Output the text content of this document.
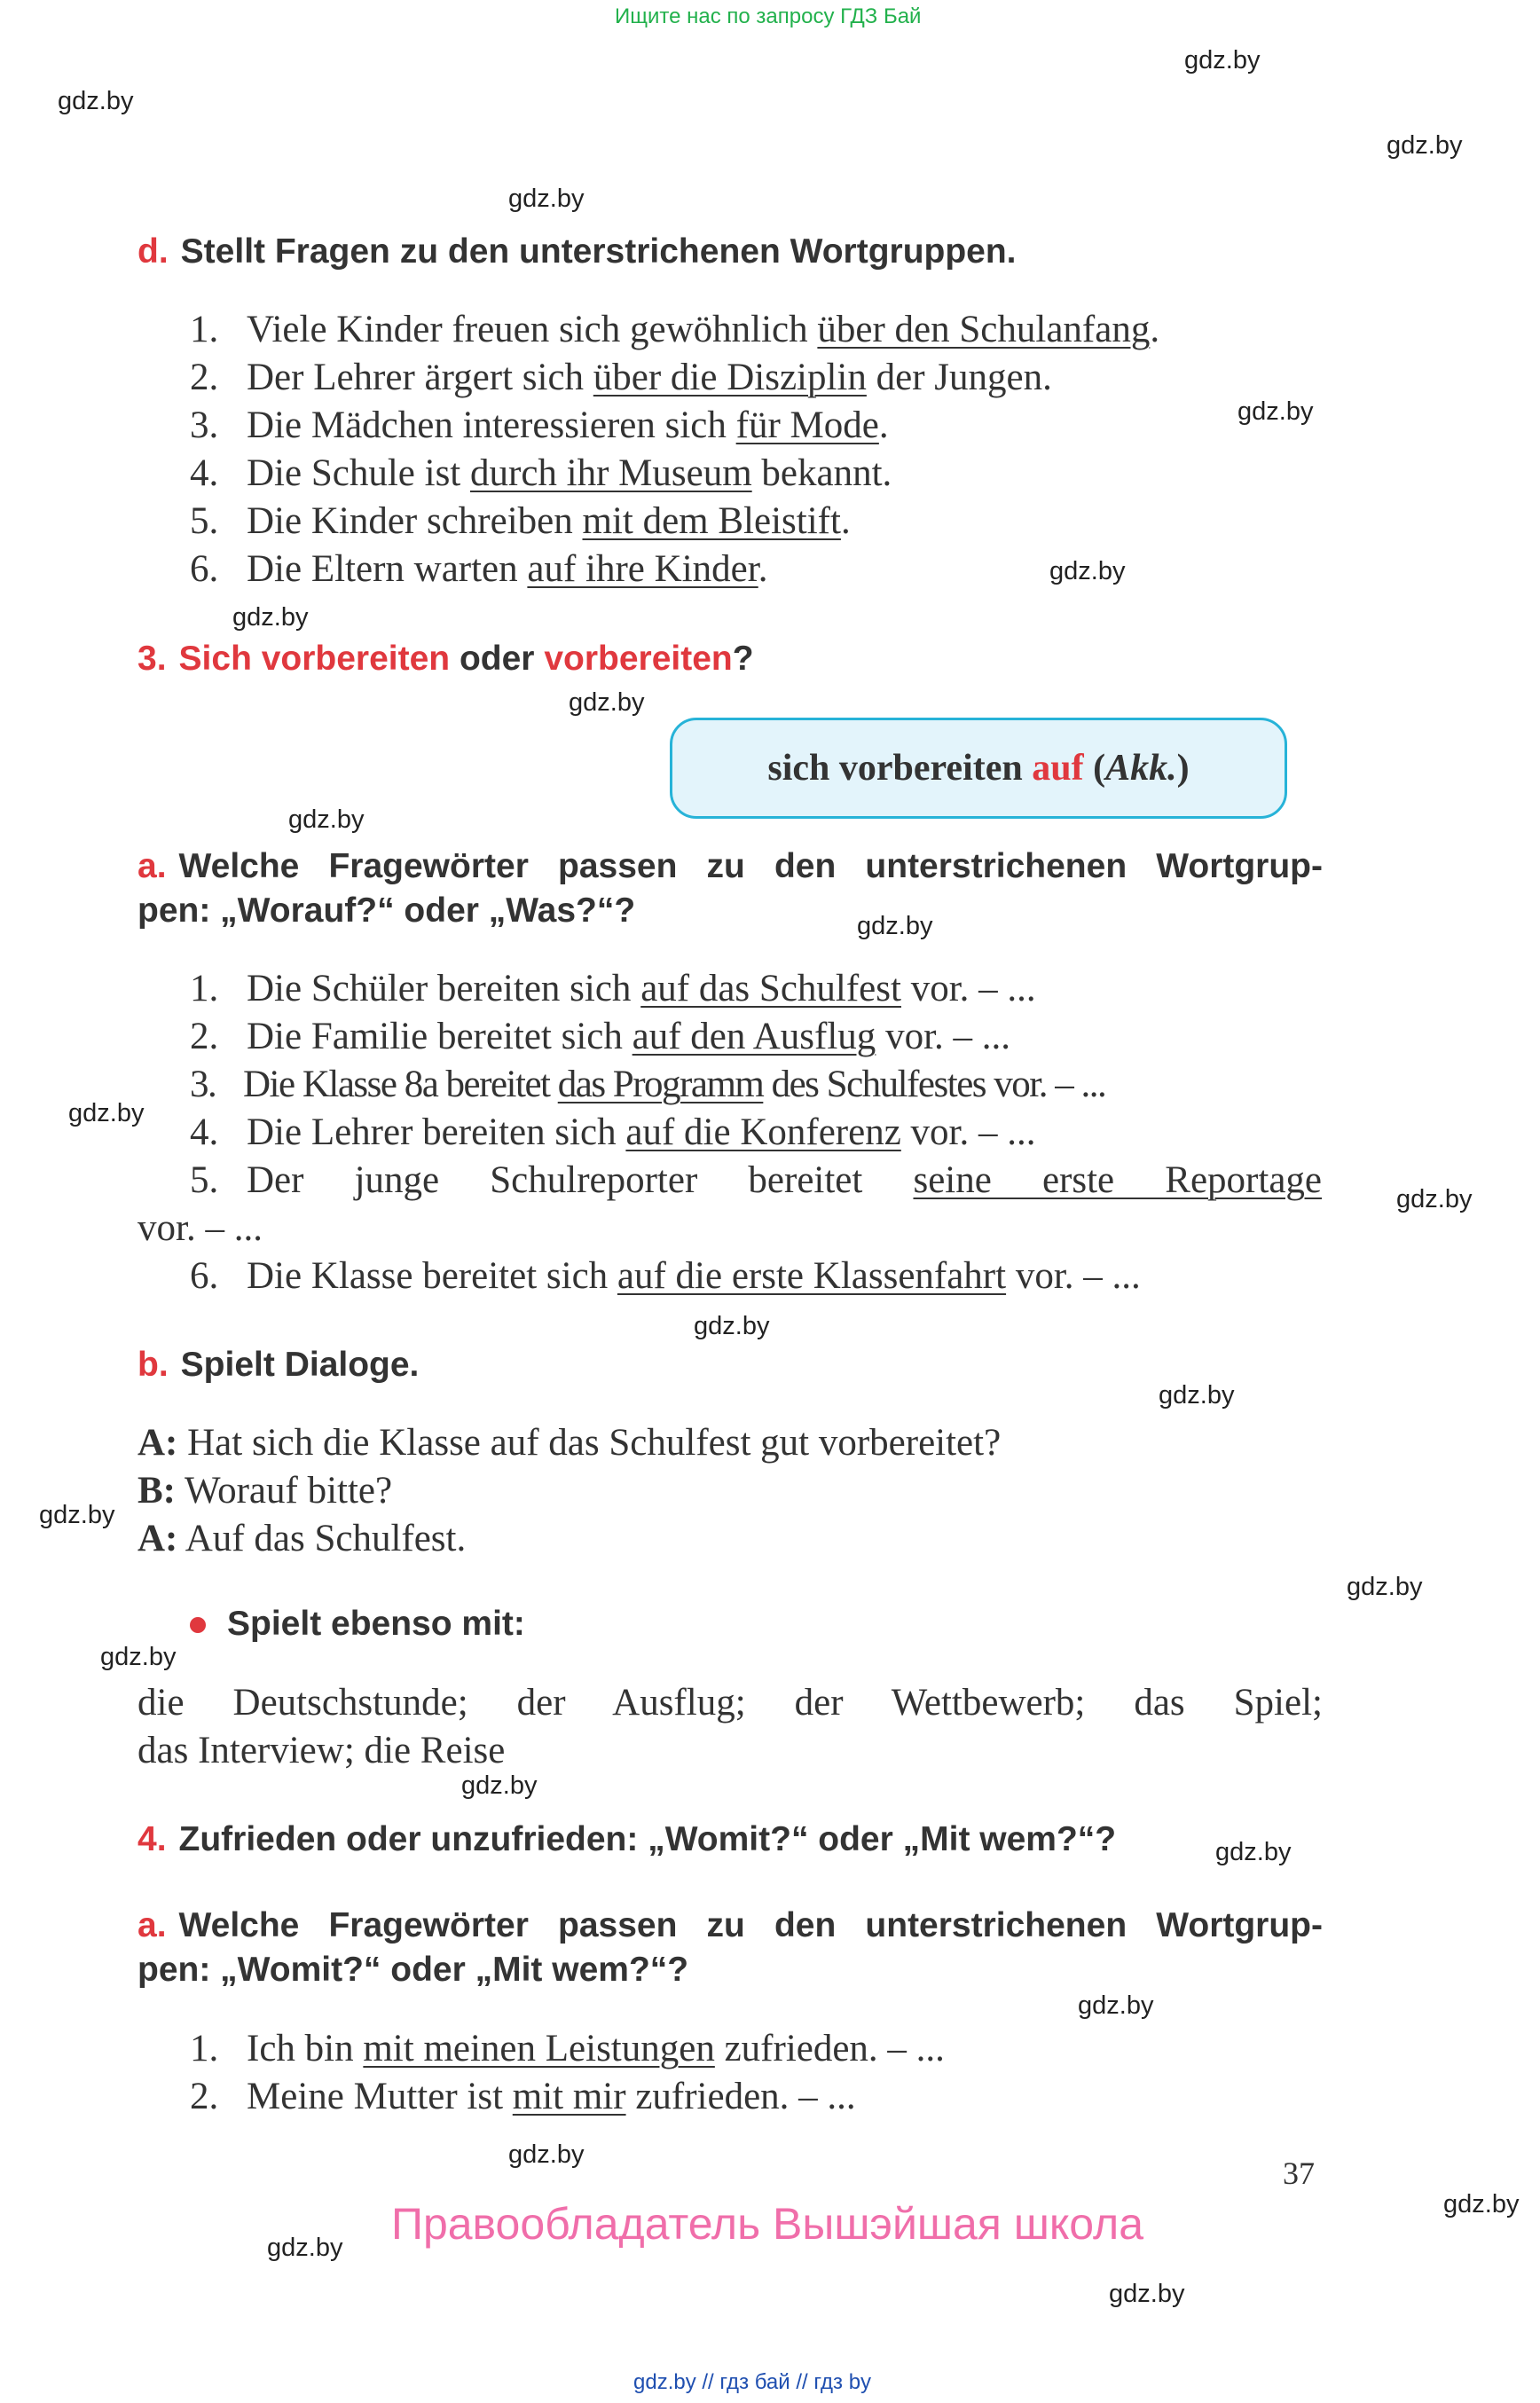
Ищите нас по запросу ГДЗ Бай
gdz.by
gdz.by
gdz.by
gdz.by
gdz.by
gdz.by
gdz.by
gdz.by
gdz.by
gdz.by
gdz.by
gdz.by
gdz.by
gdz.by
gdz.by
gdz.by
gdz.by
gdz.by
gdz.by
gdz.by
gdz.by
gdz.by
gdz.by
gdz.by
d. Stellt Fragen zu den unterstrichenen Wortgruppen.
1. Viele Kinder freuen sich gewöhnlich über den Schulanfang.
2. Der Lehrer ärgert sich über die Disziplin der Jungen.
3. Die Mädchen interessieren sich für Mode.
4. Die Schule ist durch ihr Museum bekannt.
5. Die Kinder schreiben mit dem Bleistift.
6. Die Eltern warten auf ihre Kinder.
3. Sich vorbereiten oder vorbereiten?
sich vorbereiten auf (Akk.)
a. Welche Fragewörter passen zu den unterstrichenen Wortgrup-
pen: „Worauf?“ oder „Was?“?
1. Die Schüler bereiten sich auf das Schulfest vor. – ...
2. Die Familie bereitet sich auf den Ausflug vor. – ...
3. Die Klasse 8a bereitet das Programm des Schulfestes vor. – ...
4. Die Lehrer bereiten sich auf die Konferenz vor. – ...
5. Der junge Schulreporter bereitet seine erste Reportage
vor. – ...
6. Die Klasse bereitet sich auf die erste Klassenfahrt vor. – ...
b. Spielt Dialoge.
A: Hat sich die Klasse auf das Schulfest gut vorbereitet?
B: Worauf bitte?
A: Auf das Schulfest.
Spielt ebenso mit:
die Deutschstunde; der Ausflug; der Wettbewerb; das Spiel;
das Interview; die Reise
4. Zufrieden oder unzufrieden: „Womit?“ oder „Mit wem?“?
a. Welche Fragewörter passen zu den unterstrichenen Wortgrup-
pen: „Womit?“ oder „Mit wem?“?
1. Ich bin mit meinen Leistungen zufrieden. – ...
2. Meine Mutter ist mit mir zufrieden. – ...
37
Правообладатель Вышэйшая школа
gdz.by // гдз бай // гдз by
